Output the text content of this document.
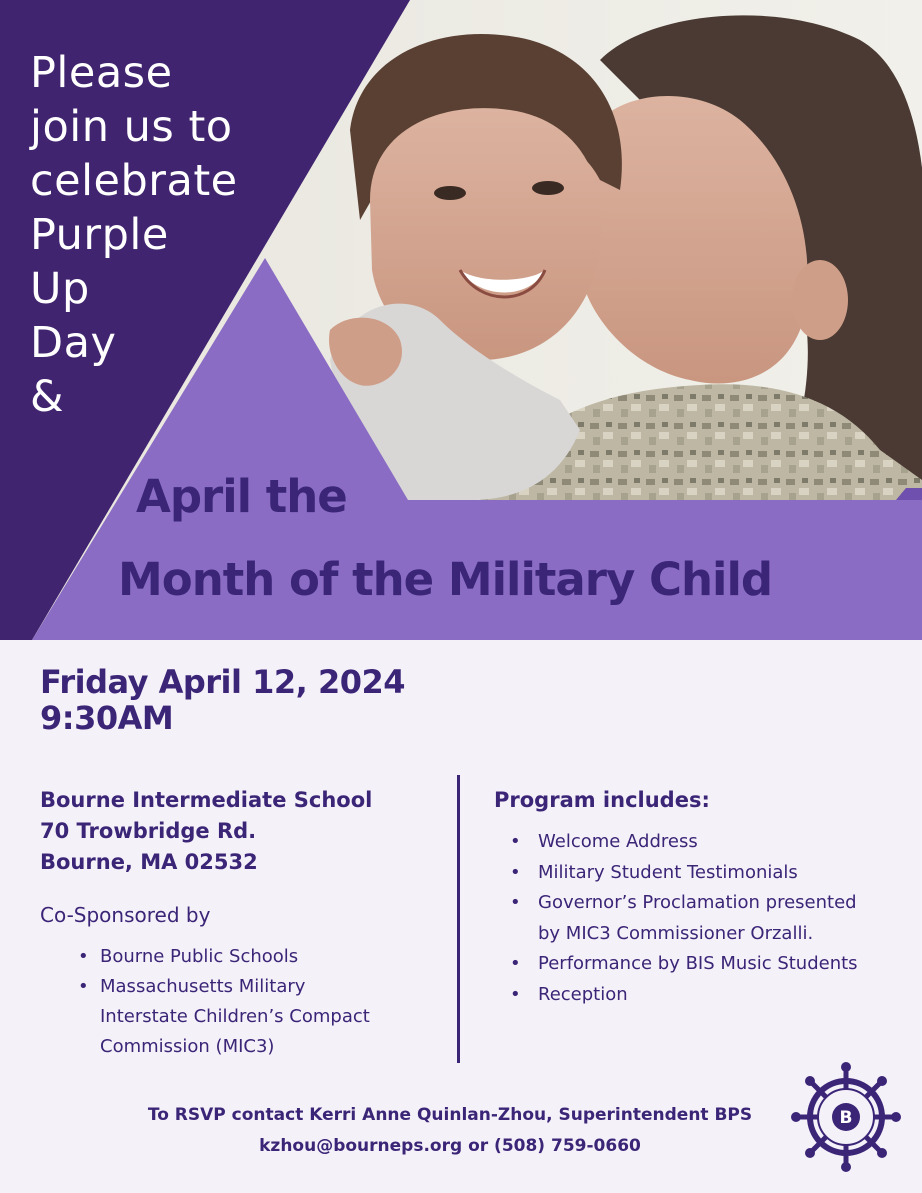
Please
join us to
celebrate
Purple
Up
Day
&
April the
Month of the Military Child
Friday April 12, 2024
9:30AM
Bourne Intermediate School
70 Trowbridge Rd.
Bourne, MA 02532
Co-Sponsored by
• Bourne Public Schools
• Massachusetts Military
Interstate Children’s Compact
Commission (MIC3)
Program includes:
• Welcome Address
• Military Student Testimonials
• Governor’s Proclamation presented
by MIC3 Commissioner Orzalli.
• Performance by BIS Music Students
• Reception
To RSVP contact Kerri Anne Quinlan-Zhou, Superintendent BPS
kzhou@bourneps.org or (508) 759-0660
B
